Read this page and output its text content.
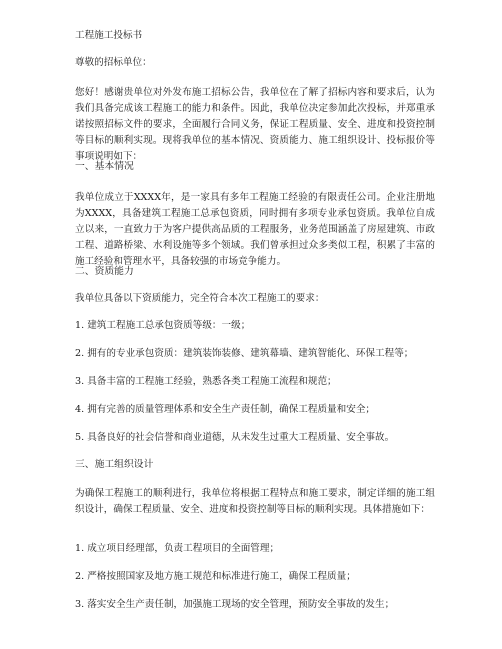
工程施工投标书
尊敬的招标单位：
您好！感谢贵单位对外发布施工招标公告，我单位在了解了招标内容和要求后，认为我们具备完成该工程施工的能力和条件。因此，我单位决定参加此次投标，并郑重承诺按照招标文件的要求，全面履行合同义务，保证工程质量、安全、进度和投资控制等目标的顺利实现。现将我单位的基本情况、资质能力、施工组织设计、投标报价等事项说明如下：
一、基本情况
我单位成立于XXXX年，是一家具有多年工程施工经验的有限责任公司。企业注册地为XXXX，具备建筑工程施工总承包资质，同时拥有多项专业承包资质。我单位自成立以来，一直致力于为客户提供高品质的工程服务，业务范围涵盖了房屋建筑、市政工程、道路桥梁、水利设施等多个领域。我们曾承担过众多类似工程，积累了丰富的施工经验和管理水平，具备较强的市场竞争能力。
二、资质能力
我单位具备以下资质能力，完全符合本次工程施工的要求：
1. 建筑工程施工总承包资质等级：一级；
2. 拥有的专业承包资质：建筑装饰装修、建筑幕墙、建筑智能化、环保工程等；
3. 具备丰富的工程施工经验，熟悉各类工程施工流程和规范；
4. 拥有完善的质量管理体系和安全生产责任制，确保工程质量和安全；
5. 具备良好的社会信誉和商业道德，从未发生过重大工程质量、安全事故。
三、施工组织设计
为确保工程施工的顺利进行，我单位将根据工程特点和施工要求，制定详细的施工组织设计，确保工程质量、安全、进度和投资控制等目标的顺利实现。具体措施如下：
1. 成立项目经理部，负责工程项目的全面管理；
2. 严格按照国家及地方施工规范和标准进行施工，确保工程质量；
3. 落实安全生产责任制，加强施工现场的安全管理，预防安全事故的发生；
